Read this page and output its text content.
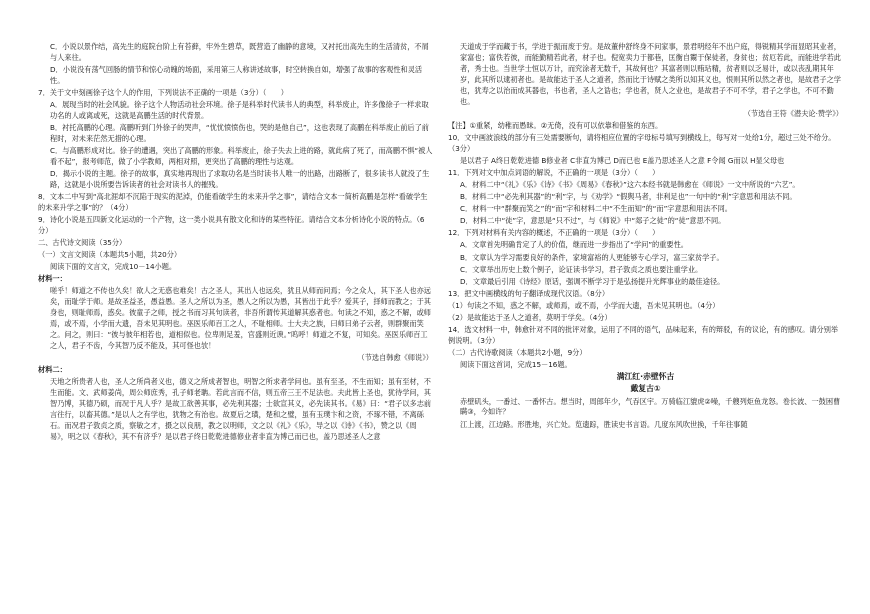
C．小说以景作结，高先生的庭院台阶上有苔藓，牢外生碧草，既营造了幽静的意境，又衬托出高先生的生活清贫，不屑与人来往。

D．小说没有荡气回肠的情节和惊心动魄的场面，采用第三人称讲述故事，时空转换自如，增强了故事的客观性和灵活性。

7．关于文中刻画徐子这个人的作用，下列说法不正确的一项是（3分）（　　）

A．展现当时的社会风貌。徐子这个人物活动社会环境。徐子是科举时代读书人的典型，科举废止，许多像徐子一样求取功名的人或离或死，这就是高鹏生活的时代背景。

B．衬托高鹏的心理。高鹏听到门外徐子的哭声，“忧忧愤愤伤也，哭的是他自己”，这也表现了高鹏在科举废止前后了前程时，对未来茫然无措的心理。

C．与高鹏形成对比。徐子的遭遇，突出了高鹏的形象。科举废止，徐子失去上进的路，就此病了死了，而高鹏不惧“被人看不起”，报考师范，做了小学教师，两相对照，更突出了高鹏的理性与达观。

D．揭示小说的主题。徐子的故事，真实地再现出了求取功名是当时读书人唯一的出路，出路断了，很多读书人就没了生路，这就是小说所要告诉读者的社会对读书人的摧残。

8．文本二中写到“高北涯却不沉陷于现实的泥淖，仍能看破学生的未来升学之事”，请结合文本一简析高鹏是怎样“看破学生的未来升学之事”的？（4分）

9．诗化小说是五四新文化运动的一个产物，这一类小说具有散文化和诗的某些特征。请结合文本分析诗化小说的特点。（6分）

二、古代诗文阅读（35分）

（一）文言文阅读（本题共5小题，共20分）

阅读下面的文言文，完成10－14小题。

材料一：

嗟乎！师道之不传也久矣！欲人之无惑也难矣！古之圣人，其出人也远矣，犹且从师而问焉；今之众人，其下圣人也亦远矣，而耻学于师。是故圣益圣，愚益愚。圣人之所以为圣，愚人之所以为愚，其皆出于此乎？爱其子，择师而教之；于其身也，则耻师焉，惑矣。彼童子之师，授之书而习其句读者，非吾所谓传其道解其惑者也。句读之不知，惑之不解，或师焉，或不焉，小学而大遗，吾未见其明也。巫医乐师百工之人，不耻相师。士大夫之族，曰师曰弟子云者，则群聚而笑之。问之，则曰：“彼与彼年相若也，道相似也。位卑则足羞，官盛则近谀。”呜呼！师道之不复，可知矣。巫医乐师百工之人，君子不齿，今其智乃反不能及，其可怪也欤！

（节选自韩愈《师说》）

材料二：

天地之所贵者人也，圣人之所尚者义也，德义之所成者智也，明智之所求者学问也。虽有至圣，不生而知；虽有至材，不生而能。文、武师姜尚，周公师庶秀，孔子师老聃。若此言而不信，则五帝三王不足法也。夫此皆上圣也，犹待学问，其智乃博，其德乃硕，而况于凡人乎？是故工欲善其事，必先利其器；士欲宣其义，必先读其书。《易》曰：“君子以多志前言往行，以畜其德。”是以人之有学也，犹物之有治也。故夏后之璜，楚和之璧，虽有玉璞卞和之资，不琢不错，不离砾石。而况君子敦贞之质，察敏之才，摄之以良朋，教之以明师，文之以《礼》《乐》，导之以《诗》《书》，赞之以《周易》，明之以《春秋》，其不有济乎？是以君子终日乾乾进德修业者非直为博己而已也，盖乃思述圣人之意

天道成于学而藏于书，学进于振而废于穷。是故董仲舒终身不问家事，景君明经年不出户庭，得锐精其学而显昭其业者，家富也；富佚若彼，而能勤精若此者，材子也。倪宽卖力于都巷，匡衡自鬻于保徒者，身贫也；贫厄若此，而能进学若此者，秀士也。当世学士恒以万计，而究涂者无数千，其故何也？其富者则以贿玷精，贫者则以乏易计，或以丧乱期其年岁，此其所以逮初者也。是故能达于圣人之道者，然而比于诗赋之类所以知其义也，恨则其所以然之者也，是故君子之学也，犹寿之以治而成其器也，书也者，圣人之诰也；学也者，贤人之业也，是故君子不可不学，君子之学也，不可不勤也。

（节选自王符《潜夫论·赞学》）

【注】①重紧，幼稚而愚昧。②无倚，没有可以依靠和借鉴的东西。

10．文中画波浪线的部分有三处需要断句，请将相应位置的字母标号填写到横线上，每写对一处给1分，超过三处不给分。（3分）

是以君子 A终日乾乾进德 B修业者 C非直为博己 D而已也 E盖乃思述圣人之意 F令闻 G而以 H显父母也

11．下列对文中加点词语的解说，不正确的一项是（3分）（　　）

A．材料二中“《礼》《乐》《诗》《书》《周易》《春秋》”这六本经书就是韩愈在《师说》一文中所说的“六艺”。

B．材料二中“必先利其器”的“利”字，与《劝学》“假舆马者，非利足也”一句中的“利”字意思和用法不同。

C．材料一中“群聚而笑之”的“而”字和材料二中“不生而知”的“而”字意思和用法不同。

D．材料二中“徒”字，意思是“只不过”，与《师说》中“郯子之徒”的“徒”意思不同。

12．下列对材料有关内容的概述，不正确的一项是（3分）（　　）

A．文章首先明确肯定了人的价值，继而进一步指出了“学问”的重要性。

B．文章认为学习需要良好的条件，家境富裕的人更能够专心学习，富三家贫学子。

C．文章举出历史上数个例子，论证读书学习，君子敦贞之质也要注重学业。

D．文章最后引用《诗经》原话，强调不断学习于是弘扬提升光辉事业的最佳途径。

13．把文中画横线的句子翻译成现代汉语。（8分）

（1）句读之不知，惑之不解，或师焉，或不焉，小学而大遗，吾未见其明也。（4分）

（2）是故能达于圣人之道者，莫明于学矣。（4分）

14．选文材料一中，韩愈针对不同的批评对象，运用了不同的语气，品味起来，有的辩驳，有的议论，有的感叹。请分别举例说明。（3分）

（二）古代诗歌阅读（本题共2小题，9分）

阅读下面这首词，完成15－16题。

满江红·赤壁怀古

戴复古①

赤壁矶头，一番过、一番怀古。想当时，周郎年少，气吞区宇。万骑临江貔虎②噪，千艘列炬鱼龙怒。卷长波、一鼓困曹瞒③，今如许？

江上渡，江边路。形胜地，兴亡处。览遗踪，胜读史书言语。几度东风吹世换，千年往事随
